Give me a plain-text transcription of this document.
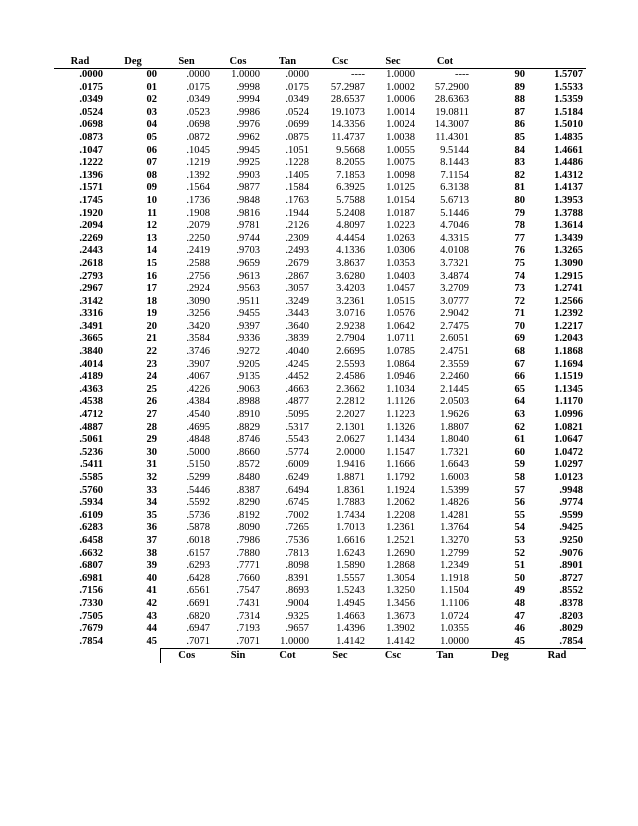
Rad	Deg	Sen	Cos	Tan	Csc	Sec	Cot		
.0000	00	.0000	1.0000	.0000	----	1.0000	----	90	1.5707
.0175	01	.0175	.9998	.0175	57.2987	1.0002	57.2900	89	1.5533
.0349	02	.0349	.9994	.0349	28.6537	1.0006	28.6363	88	1.5359
.0524	03	.0523	.9986	.0524	19.1073	1.0014	19.0811	87	1.5184
.0698	04	.0698	.9976	.0699	14.3356	1.0024	14.3007	86	1.5010
.0873	05	.0872	.9962	.0875	11.4737	1.0038	11.4301	85	1.4835
.1047	06	.1045	.9945	.1051	9.5668	1.0055	9.5144	84	1.4661
.1222	07	.1219	.9925	.1228	8.2055	1.0075	8.1443	83	1.4486
.1396	08	.1392	.9903	.1405	7.1853	1.0098	7.1154	82	1.4312
.1571	09	.1564	.9877	.1584	6.3925	1.0125	6.3138	81	1.4137
.1745	10	.1736	.9848	.1763	5.7588	1.0154	5.6713	80	1.3953
.1920	11	.1908	.9816	.1944	5.2408	1.0187	5.1446	79	1.3788
.2094	12	.2079	.9781	.2126	4.8097	1.0223	4.7046	78	1.3614
.2269	13	.2250	.9744	.2309	4.4454	1.0263	4.3315	77	1.3439
.2443	14	.2419	.9703	.2493	4.1336	1.0306	4.0108	76	1.3265
.2618	15	.2588	.9659	.2679	3.8637	1.0353	3.7321	75	1.3090
.2793	16	.2756	.9613	.2867	3.6280	1.0403	3.4874	74	1.2915
.2967	17	.2924	.9563	.3057	3.4203	1.0457	3.2709	73	1.2741
.3142	18	.3090	.9511	.3249	3.2361	1.0515	3.0777	72	1.2566
.3316	19	.3256	.9455	.3443	3.0716	1.0576	2.9042	71	1.2392
.3491	20	.3420	.9397	.3640	2.9238	1.0642	2.7475	70	1.2217
.3665	21	.3584	.9336	.3839	2.7904	1.0711	2.6051	69	1.2043
.3840	22	.3746	.9272	.4040	2.6695	1.0785	2.4751	68	1.1868
.4014	23	.3907	.9205	.4245	2.5593	1.0864	2.3559	67	1.1694
.4189	24	.4067	.9135	.4452	2.4586	1.0946	2.2460	66	1.1519
.4363	25	.4226	.9063	.4663	2.3662	1.1034	2.1445	65	1.1345
.4538	26	.4384	.8988	.4877	2.2812	1.1126	2.0503	64	1.1170
.4712	27	.4540	.8910	.5095	2.2027	1.1223	1.9626	63	1.0996
.4887	28	.4695	.8829	.5317	2.1301	1.1326	1.8807	62	1.0821
.5061	29	.4848	.8746	.5543	2.0627	1.1434	1.8040	61	1.0647
.5236	30	.5000	.8660	.5774	2.0000	1.1547	1.7321	60	1.0472
.5411	31	.5150	.8572	.6009	1.9416	1.1666	1.6643	59	1.0297
.5585	32	.5299	.8480	.6249	1.8871	1.1792	1.6003	58	1.0123
.5760	33	.5446	.8387	.6494	1.8361	1.1924	1.5399	57	.9948
.5934	34	.5592	.8290	.6745	1.7883	1.2062	1.4826	56	.9774
.6109	35	.5736	.8192	.7002	1.7434	1.2208	1.4281	55	.9599
.6283	36	.5878	.8090	.7265	1.7013	1.2361	1.3764	54	.9425
.6458	37	.6018	.7986	.7536	1.6616	1.2521	1.3270	53	.9250
.6632	38	.6157	.7880	.7813	1.6243	1.2690	1.2799	52	.9076
.6807	39	.6293	.7771	.8098	1.5890	1.2868	1.2349	51	.8901
.6981	40	.6428	.7660	.8391	1.5557	1.3054	1.1918	50	.8727
.7156	41	.6561	.7547	.8693	1.5243	1.3250	1.1504	49	.8552
.7330	42	.6691	.7431	.9004	1.4945	1.3456	1.1106	48	.8378
.7505	43	.6820	.7314	.9325	1.4663	1.3673	1.0724	47	.8203
.7679	44	.6947	.7193	.9657	1.4396	1.3902	1.0355	46	.8029
.7854	45	.7071	.7071	1.0000	1.4142	1.4142	1.0000	45	.7854
		Cos	Sin	Cot	Sec	Csc	Tan	Deg	Rad
